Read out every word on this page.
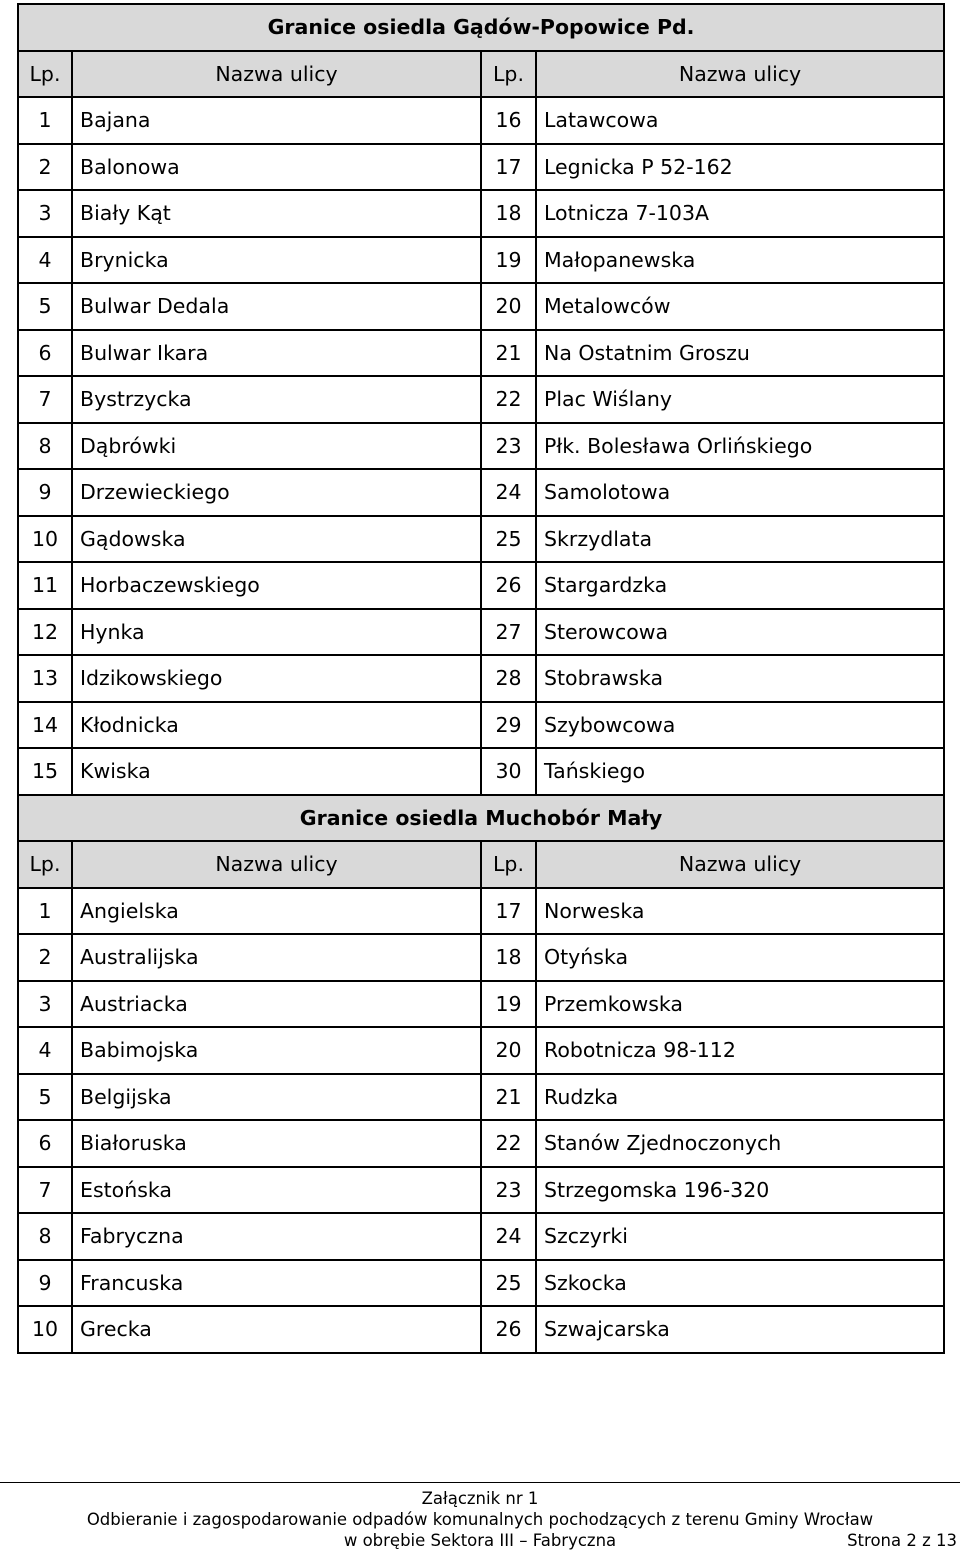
Granice osiedla Gądów-Popowice Pd.			
Lp.	Nazwa ulicy	Lp.	Nazwa ulicy
1	Bajana	16	Latawcowa
2	Balonowa	17	Legnicka P 52-162
3	Biały Kąt	18	Lotnicza 7-103A
4	Brynicka	19	Małopanewska
5	Bulwar Dedala	20	Metalowców
6	Bulwar Ikara	21	Na Ostatnim Groszu
7	Bystrzycka	22	Plac Wiślany
8	Dąbrówki	23	Płk. Bolesława Orlińskiego
9	Drzewieckiego	24	Samolotowa
10	Gądowska	25	Skrzydlata
11	Horbaczewskiego	26	Stargardzka
12	Hynka	27	Sterowcowa
13	Idzikowskiego	28	Stobrawska
14	Kłodnicka	29	Szybowcowa
15	Kwiska	30	Tańskiego
Granice osiedla Muchobór Mały			
Lp.	Nazwa ulicy	Lp.	Nazwa ulicy
1	Angielska	17	Norweska
2	Australijska	18	Otyńska
3	Austriacka	19	Przemkowska
4	Babimojska	20	Robotnicza 98-112
5	Belgijska	21	Rudzka
6	Białoruska	22	Stanów Zjednoczonych
7	Estońska	23	Strzegomska 196-320
8	Fabryczna	24	Szczyrki
9	Francuska	25	Szkocka
10	Grecka	26	Szwajcarska
Załącznik nr 1
Odbieranie i zagospodarowanie odpadów komunalnych pochodzących z terenu Gminy Wrocław
w obrębie Sektora III – Fabryczna	Strona 2 z 13
